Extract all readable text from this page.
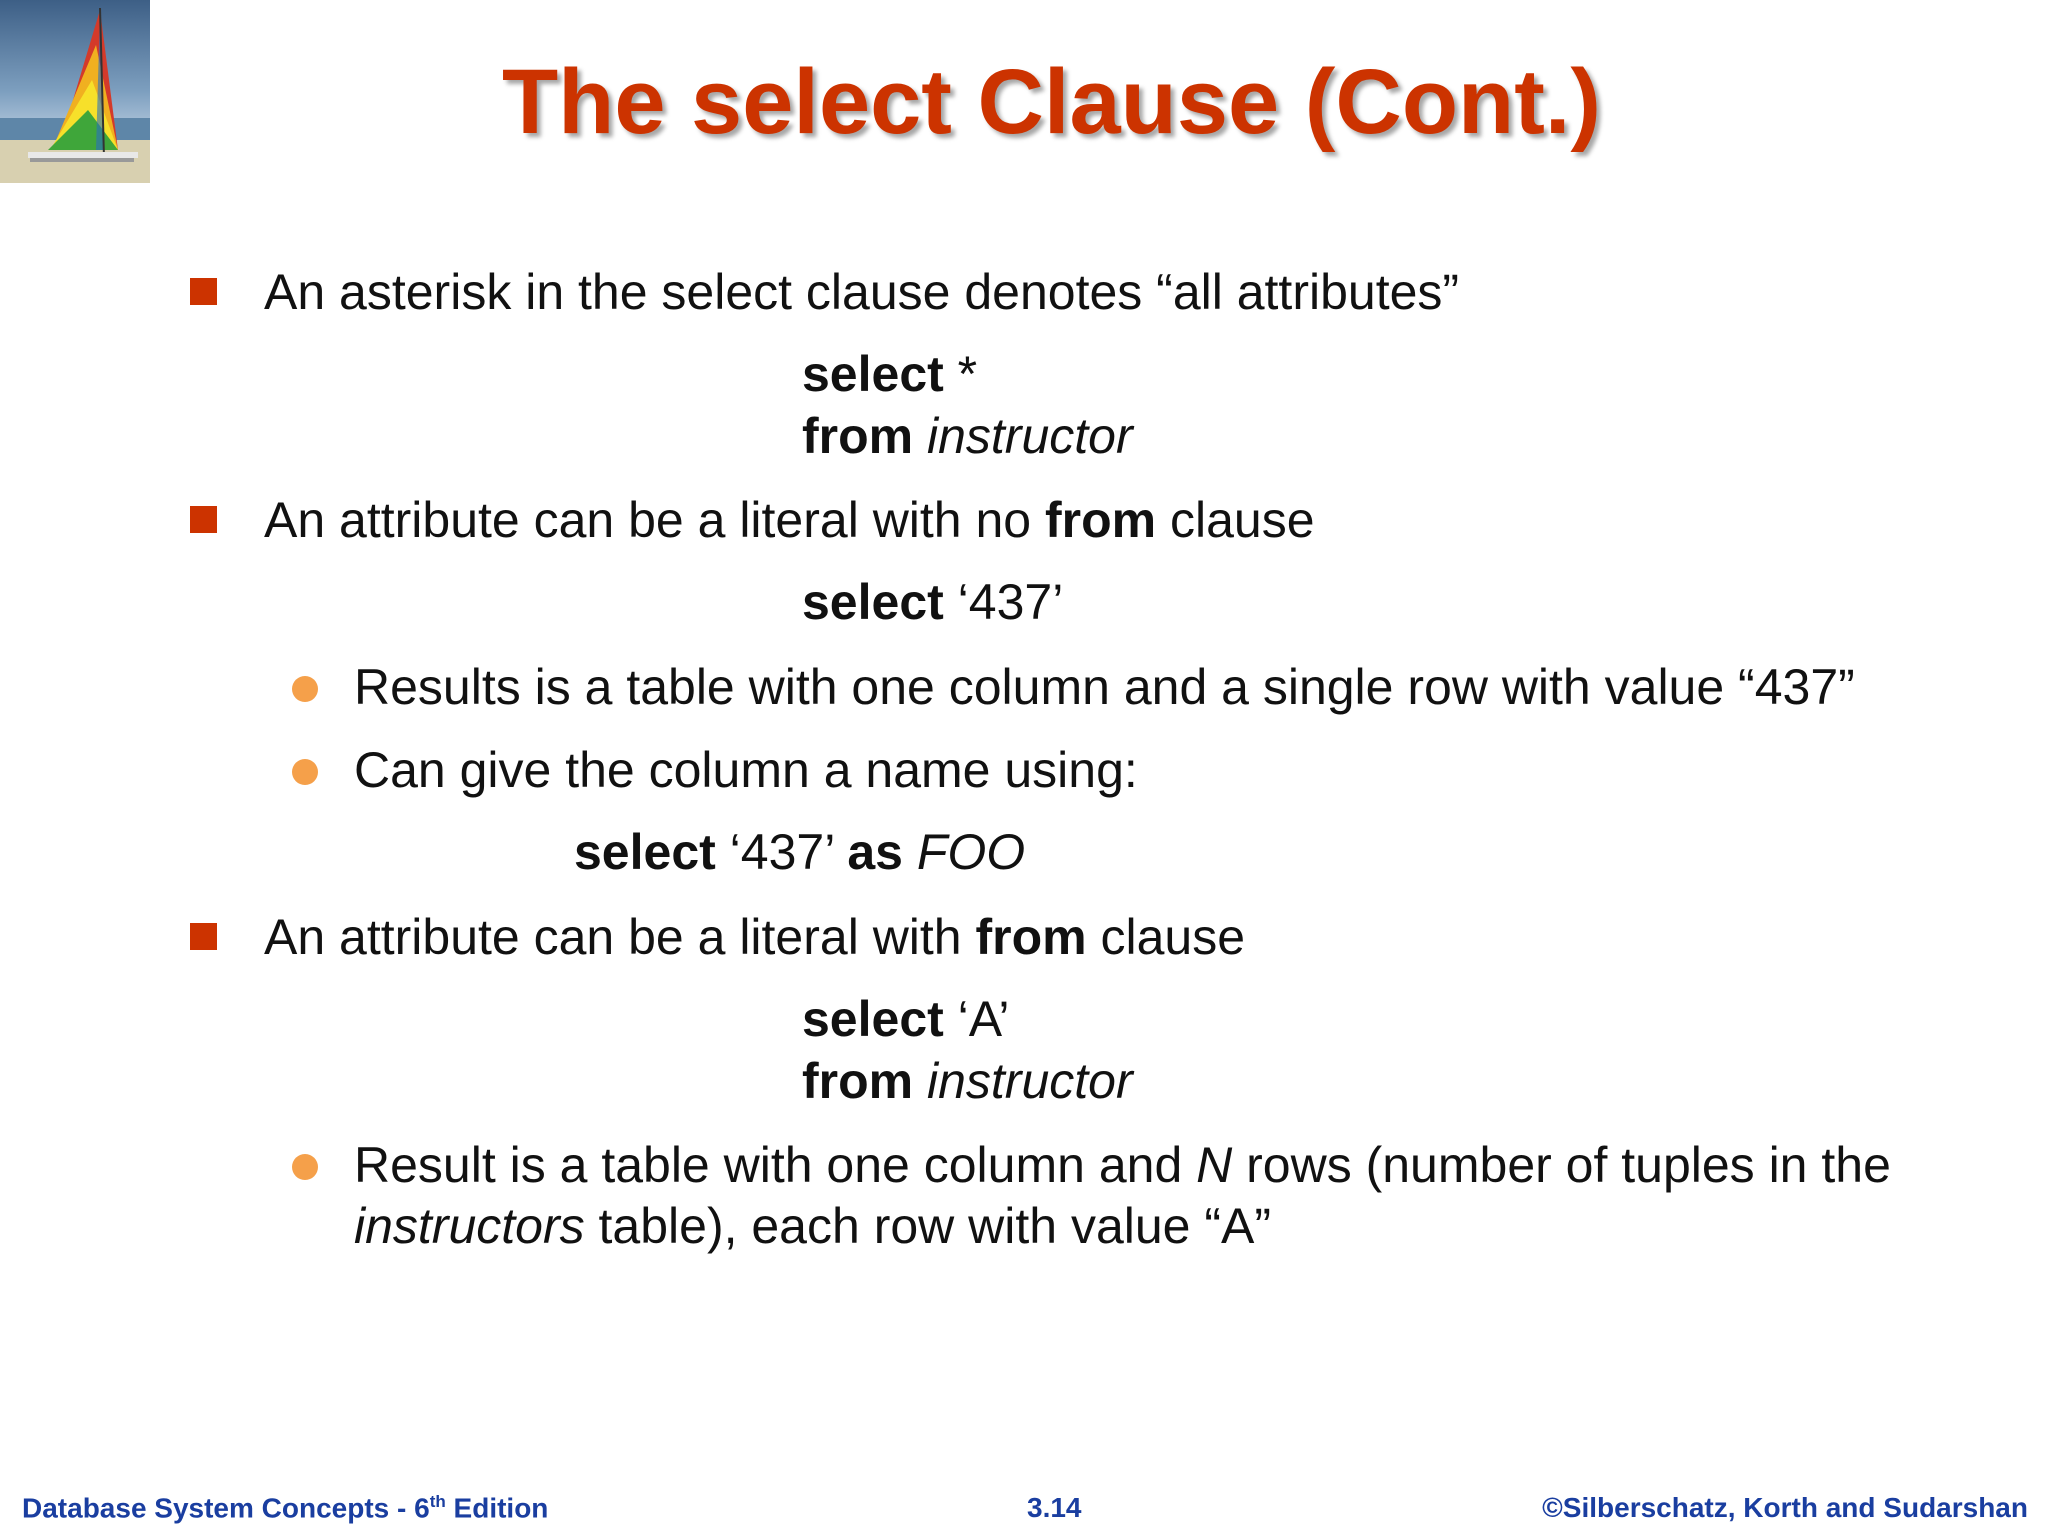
The select Clause (Cont.)
An asterisk in the select clause denotes “all attributes”
select *
from instructor
An attribute can be a literal with no from clause
select ‘437’
Results is a table with one column and a single row with value “437”
Can give the column a name using:
select ‘437’ as FOO
An attribute can be a literal with from clause
select ‘A’
from instructor
Result is a table with one column and N rows (number of tuples in the
instructors table), each row with value “A”
Database System Concepts - 6th Edition	3.14	©Silberschatz, Korth and Sudarshan
